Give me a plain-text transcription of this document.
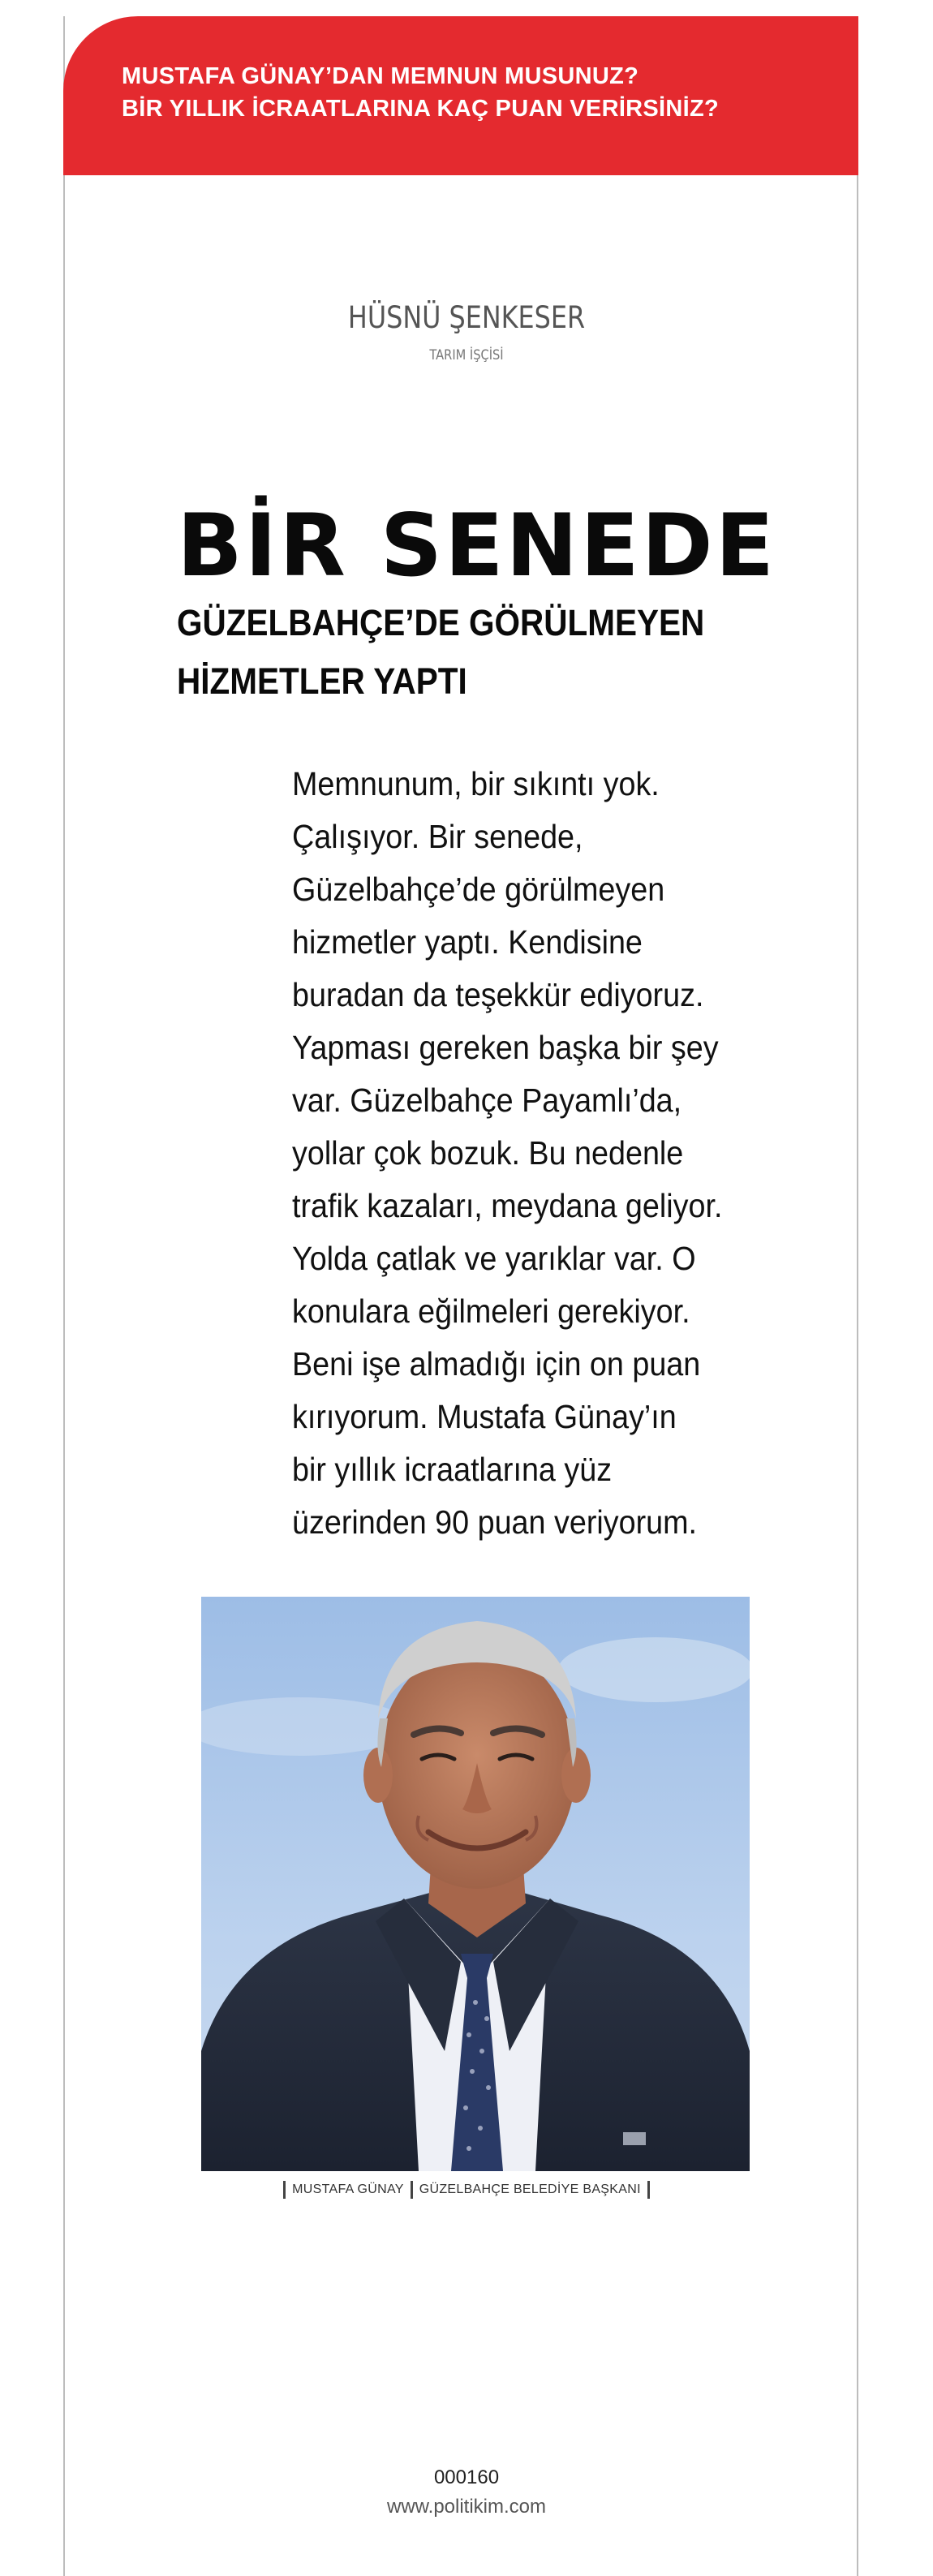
MUSTAFA GÜNAY’DAN MEMNUN MUSUNUZ?
BİR YILLIK İCRAATLARINA KAÇ PUAN VERİRSİNİZ?
HÜSNÜ ŞENKESER
TARIM İŞÇİSİ
BİR SENEDE
GÜZELBAHÇE’DE GÖRÜLMEYEN
HİZMETLER YAPTI
Memnunum, bir sıkıntı yok.
Çalışıyor. Bir senede,
Güzelbahçe’de görülmeyen
hizmetler yaptı. Kendisine
buradan da teşekkür ediyoruz.
Yapması gereken başka bir şey
var. Güzelbahçe Payamlı’da,
yollar çok bozuk. Bu nedenle
trafik kazaları, meydana geliyor.
Yolda çatlak ve yarıklar var. O
konulara eğilmeleri gerekiyor.
Beni işe almadığı için on puan
kırıyorum. Mustafa Günay’ın
bir yıllık icraatlarına yüz
üzerinden 90 puan veriyorum.
MUSTAFA GÜNAY GÜZELBAHÇE BELEDİYE BAŞKANI
000160
www.politikim.com
